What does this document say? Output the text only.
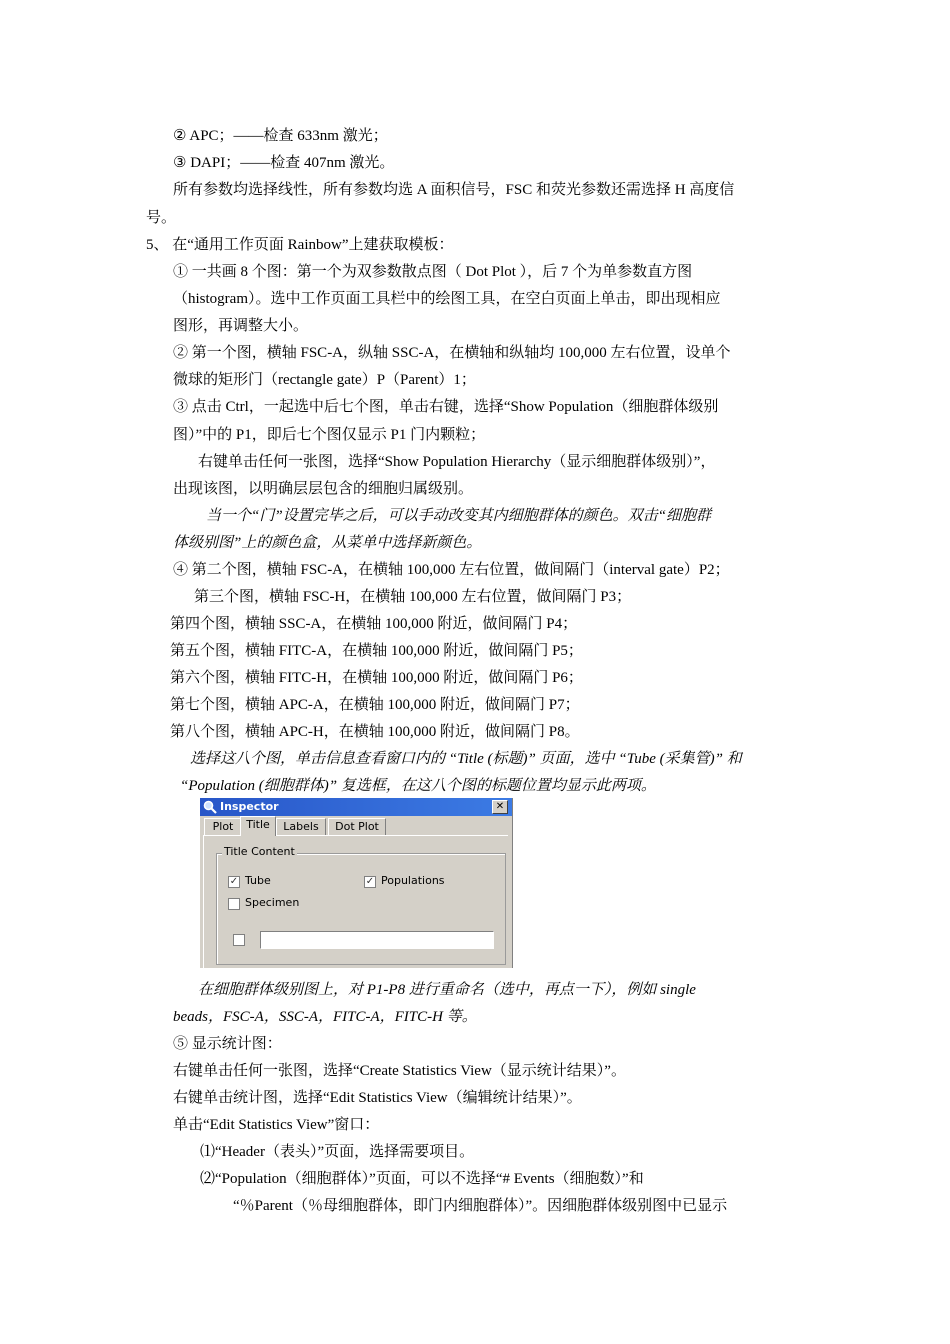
② APC；——检查 633nm 激光；
③ DAPI；——检查 407nm 激光。
所有参数均选择线性，所有参数均选 A 面积信号，FSC 和荧光参数还需选择 H 高度信
号。
5、 在“通用工作页面 Rainbow”上建获取模板：
① 一共画 8 个图：第一个为双参数散点图（ Dot Plot ），后 7 个为单参数直方图
（histogram）。选中工作页面工具栏中的绘图工具，在空白页面上单击，即出现相应
图形，再调整大小。
② 第一个图，横轴 FSC-A，纵轴 SSC-A，在横轴和纵轴均 100,000 左右位置，设单个
微球的矩形门（rectangle gate）P（Parent）1；
③ 点击 Ctrl，一起选中后七个图，单击右键，选择“Show Population（细胞群体级别
图）”中的 P1，即后七个图仅显示 P1 门内颗粒；
右键单击任何一张图，选择“Show Population Hierarchy（显示细胞群体级别）”，
出现该图，以明确层层包含的细胞归属级别。
当一个“门”设置完毕之后，可以手动改变其内细胞群体的颜色。双击“细胞群
体级别图”上的颜色盒，从菜单中选择新颜色。
④ 第二个图，横轴 FSC-A，在横轴 100,000 左右位置，做间隔门（interval gate）P2；
第三个图，横轴 FSC-H，在横轴 100,000 左右位置，做间隔门 P3；
第四个图，横轴 SSC-A，在横轴 100,000 附近，做间隔门 P4；
第五个图，横轴 FITC-A，在横轴 100,000 附近，做间隔门 P5；
第六个图，横轴 FITC-H，在横轴 100,000 附近，做间隔门 P6；
第七个图，横轴 APC-A，在横轴 100,000 附近，做间隔门 P7；
第八个图，横轴 APC-H，在横轴 100,000 附近，做间隔门 P8。
选择这八个图，单击信息查看窗口内的 “Title (标题)” 页面，选中 “Tube (采集管)” 和
“Population (细胞群体)” 复选框，在这八个图的标题位置均显示此两项。
Inspector	✕
Plot	Title	Labels	Dot Plot
Title Content
✓ Tube	✓ Populations
Specimen
在细胞群体级别图上，对 P1-P8 进行重命名（选中，再点一下），例如 single
beads，FSC-A，SSC-A，FITC-A，FITC-H 等。
⑤ 显示统计图：
右键单击任何一张图，选择“Create Statistics View（显示统计结果）”。
右键单击统计图，选择“Edit Statistics View（编辑统计结果）”。
单击“Edit Statistics View”窗口：
⑴“Header（表头）”页面，选择需要项目。
⑵“Population（细胞群体）”页面，可以不选择“# Events（细胞数）”和
“％Parent（％母细胞群体，即门内细胞群体）”。因细胞群体级别图中已显示
